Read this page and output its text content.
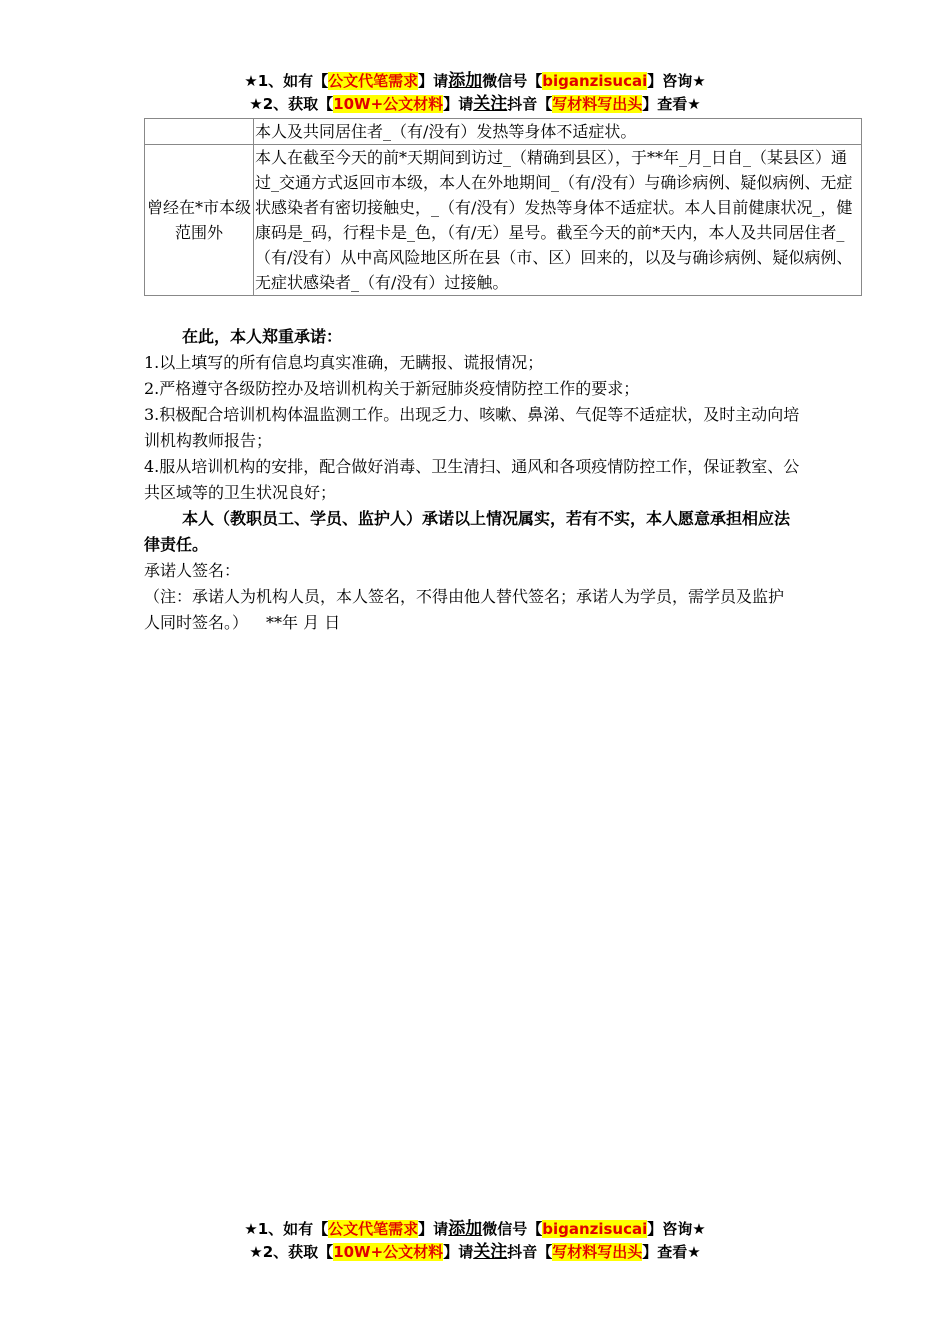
★1、如有【公文代笔需求】请添加微信号【biganzisucai】咨询★
★2、获取【10W+公文材料】请关注抖音【写材料写出头】查看★
	本人及共同居住者_（有/没有）发热等身体不适症状。
曾经在*市本级范围外	本人在截至今天的前*天期间到访过_（精确到县区），于**年_月_日自_（某县区）通过_交通方式返回市本级，本人在外地期间_（有/没有）与确诊病例、疑似病例、无症状感染者有密切接触史，_（有/没有）发热等身体不适症状。本人目前健康状况_，健康码是_码，行程卡是_色，（有/无）星号。截至今天的前*天内，本人及共同居住者_（有/没有）从中高风险地区所在县（市、区）回来的，以及与确诊病例、疑似病例、无症状感染者_（有/没有）过接触。
在此，本人郑重承诺：
1.以上填写的所有信息均真实准确，无瞒报、谎报情况；
2.严格遵守各级防控办及培训机构关于新冠肺炎疫情防控工作的要求；
3.积极配合培训机构体温监测工作。出现乏力、咳嗽、鼻涕、气促等不适症状，及时主动向培训机构教师报告；
4.服从培训机构的安排，配合做好消毒、卫生清扫、通风和各项疫情防控工作，保证教室、公共区域等的卫生状况良好；
本人（教职员工、学员、监护人）承诺以上情况属实，若有不实，本人愿意承担相应法律责任。
承诺人签名：
（注：承诺人为机构人员，本人签名，不得由他人替代签名；承诺人为学员，需学员及监护人同时签名。） **年 月 日
★1、如有【公文代笔需求】请添加微信号【biganzisucai】咨询★
★2、获取【10W+公文材料】请关注抖音【写材料写出头】查看★
